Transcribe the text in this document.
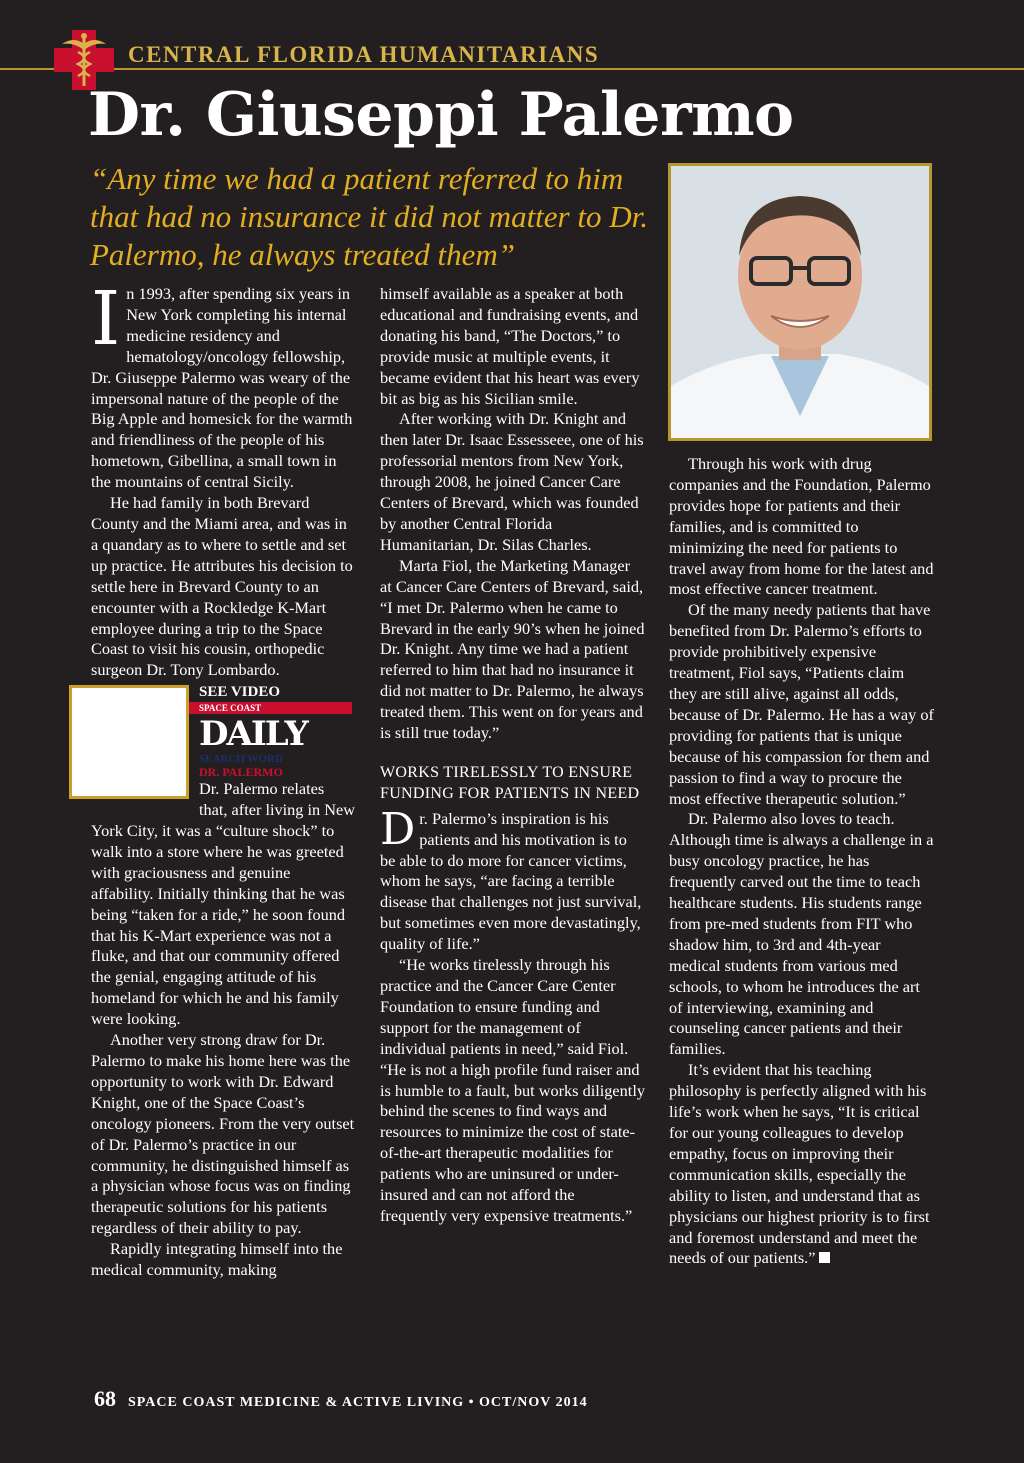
CENTRAL FLORIDA HUMANITARIANS
Dr. Giuseppi Palermo
“Any time we had a patient referred to him that had no insurance it did not matter to Dr. Palermo, he always treated them”

In 1993, after spending six years in New York completing his internal medicine residency and hematology/oncology fellowship, Dr. Giuseppe Palermo was weary of the impersonal nature of the people of the Big Apple and homesick for the warmth and friendliness of the people of his hometown, Gibellina, a small town in the mountains of central Sicily.

He had family in both Brevard County and the Miami area, and was in a quandary as to where to settle and set up practice. He attributes his decision to settle here in Brevard County to an encounter with a Rockledge K-Mart employee during a trip to the Space Coast to visit his cousin, orthopedic surgeon Dr. Tony Lombardo.

SEE VIDEO
SPACE COAST
DAILY
SEARCH WORD
DR. PALERMO
Dr. Palermo relates that, after living in New York City, it was a “culture shock” to walk into a store where he was greeted with graciousness and genuine affability. Initially thinking that he was being “taken for a ride,” he soon found that his K-Mart experience was not a fluke, and that our community offered the genial, engaging attitude of his homeland for which he and his family were looking.

Another very strong draw for Dr. Palermo to make his home here was the opportunity to work with Dr. Edward Knight, one of the Space Coast’s oncology pioneers. From the very outset of Dr. Palermo’s practice in our community, he distinguished himself as a physician whose focus was on finding therapeutic solutions for his patients regardless of their ability to pay.

Rapidly integrating himself into the medical community, making

himself available as a speaker at both educational and fundraising events, and donating his band, “The Doctors,” to provide music at multiple events, it became evident that his heart was every bit as big as his Sicilian smile.

After working with Dr. Knight and then later Dr. Isaac Essesseee, one of his professorial mentors from New York, through 2008, he joined Cancer Care Centers of Brevard, which was founded by another Central Florida Humanitarian, Dr. Silas Charles.

Marta Fiol, the Marketing Manager at Cancer Care Centers of Brevard, said, “I met Dr. Palermo when he came to Brevard in the early 90’s when he joined Dr. Knight. Any time we had a patient referred to him that had no insurance it did not matter to Dr. Palermo, he always treated them. This went on for years and is still true today.”

WORKS TIRELESSLY TO ENSURE FUNDING FOR PATIENTS IN NEED

Dr. Palermo’s inspiration is his patients and his motivation is to be able to do more for cancer victims, whom he says, “are facing a terrible disease that challenges not just survival, but sometimes even more devastatingly, quality of life.”

“He works tirelessly through his practice and the Cancer Care Center Foundation to ensure funding and support for the management of individual patients in need,” said Fiol. “He is not a high profile fund raiser and is humble to a fault, but works diligently behind the scenes to find ways and resources to minimize the cost of state-of-the-art therapeutic modalities for patients who are uninsured or under-insured and can not afford the frequently very expensive treatments.”

Through his work with drug companies and the Foundation, Palermo provides hope for patients and their families, and is committed to minimizing the need for patients to travel away from home for the latest and most effective cancer treatment.

Of the many needy patients that have benefited from Dr. Palermo’s efforts to provide prohibitively expensive treatment, Fiol says, “Patients claim they are still alive, against all odds, because of Dr. Palermo. He has a way of providing for patients that is unique because of his compassion for them and passion to find a way to procure the most effective therapeutic solution.”

Dr. Palermo also loves to teach. Although time is always a challenge in a busy oncology practice, he has frequently carved out the time to teach healthcare students. His students range from pre-med students from FIT who shadow him, to 3rd and 4th-year medical students from various med schools, to whom he introduces the art of interviewing, examining and counseling cancer patients and their families.

It’s evident that his teaching philosophy is perfectly aligned with his life’s work when he says, “It is critical for our young colleagues to develop empathy, focus on improving their communication skills, especially the ability to listen, and understand that as physicians our highest priority is to first and foremost understand and meet the needs of our patients.”

68 SPACE COAST MEDICINE & ACTIVE LIVING • OCT/NOV 2014
